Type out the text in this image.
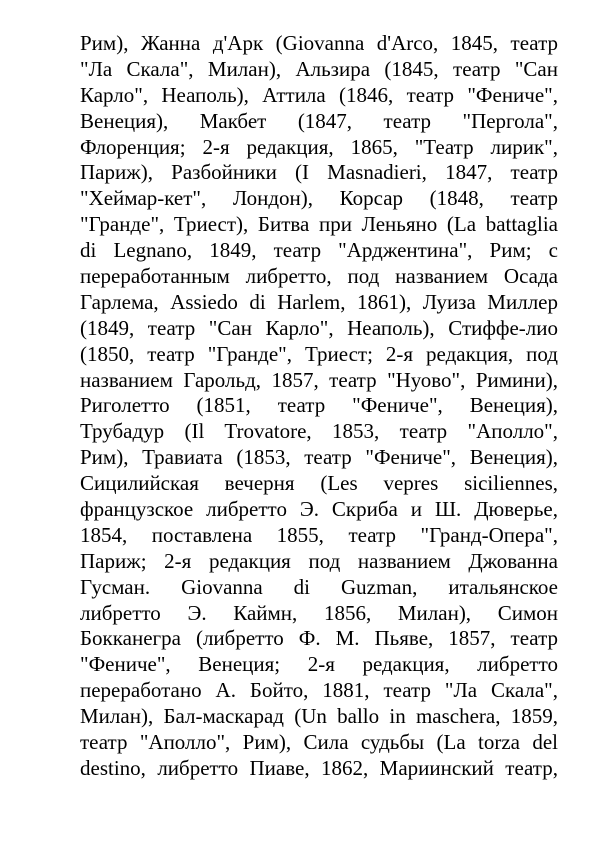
Рим), Жанна д'Арк (Giovanna d'Arco, 1845, театр
"Ла Скала", Милан), Альзира (1845, театр "Сан
Карло", Неаполь), Аттила (1846, театр "Фениче",
Венеция), Макбет (1847, театр "Пергола",
Флоренция; 2-я редакция, 1865, "Театр лирик",
Париж), Разбойники (I Masnadieri, 1847, театр
"Хеймар-кет", Лондон), Корсар (1848, театр
"Гранде", Триест), Битва при Леньяно (La battaglia
di Legnano, 1849, театр "Арджентина", Рим; с
переработанным либретто, под названием Осада
Гарлема, Assiedo di Harlem, 1861), Луиза Миллер
(1849, театр "Сан Карло", Неаполь), Стиффе-лио
(1850, театр "Гранде", Триест; 2-я редакция, под
названием Гарольд, 1857, театр "Нуово", Римини),
Риголетто (1851, театр "Фениче", Венеция),
Трубадур (Il Trovatore, 1853, театр "Аполло",
Рим), Травиата (1853, театр "Фениче", Венеция),
Сицилийская вечерня (Les vepres siciliennes,
французское либретто Э. Скриба и Ш. Дюверье,
1854, поставлена 1855, театр "Гранд-Опера",
Париж; 2-я редакция под названием Джованна
Гусман. Giovanna di Guzman, итальянское
либретто Э. Каймн, 1856, Милан), Симон
Бокканегра (либретто Ф. М. Пьяве, 1857, театр
"Фениче", Венеция; 2-я редакция, либретто
переработано А. Бойто, 1881, театр "Ла Скала",
Милан), Бал-маскарад (Un ballo in maschera, 1859,
театр "Аполло", Рим), Сила судьбы (La torza del
destino, либретто Пиаве, 1862, Мариинский театр,
